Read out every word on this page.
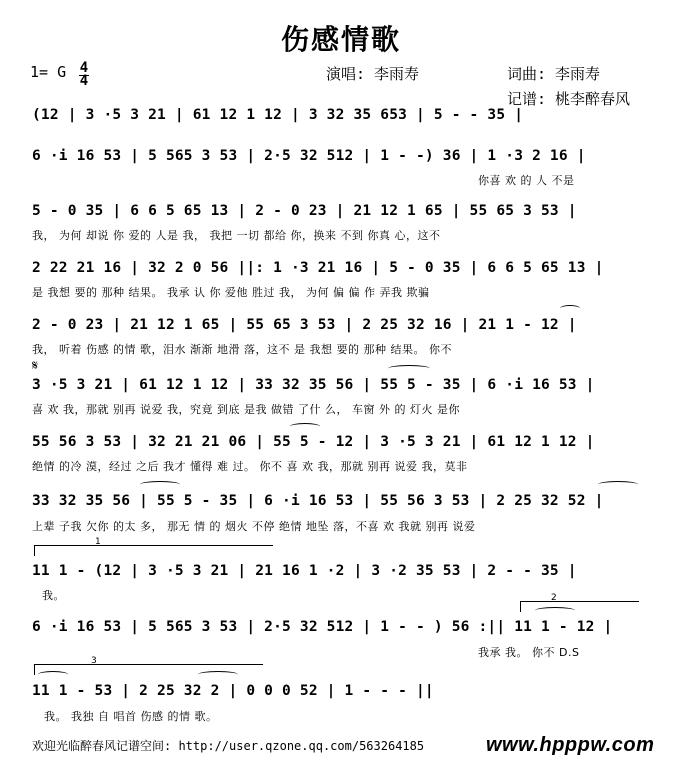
伤感情歌
1= G 4
4	演唱: 李雨寿	词曲: 李雨寿
记谱: 桃李醉春风
(12 | 3 ·5 3 21 | 61 12 1 12 | 3 32 35 653 | 5 - - 35 |
6 ·i 16 53 | 5 565 3 53 | 2·5 32 512 | 1 - -) 36 | 1 ·3 2 16 |
你喜 欢 的 人 不是
5 - 0 35 | 6 6 5 65 13 | 2 - 0 23 | 21 12 1 65 | 55 65 3 53 |
我， 为何 却说 你 爱的 人是 我， 我把 一切 都给 你，换来 不到 你真 心，这不
2 22 21 16 | 32 2 0 56 ||: 1 ·3 21 16 | 5 - 0 35 | 6 6 5 65 13 |
是 我想 要的 那种 结果。 我承 认 你 爱他 胜过 我， 为何 偏 偏 作 弄我 欺骗
2 - 0 23 | 21 12 1 65 | 55 65 3 53 | 2 25 32 16 | 21 1 - 12 |
我， 听着 伤感 的情 歌，泪水 渐渐 地滑 落，这不 是 我想 要的 那种 结果。 你不
𝄋
3 ·5 3 21 | 61 12 1 12 | 33 32 35 56 | 55 5 - 35 | 6 ·i 16 53 |
喜 欢 我，那就 别再 说爱 我，究竟 到底 是我 做错 了什 么， 车窗 外 的 灯火 是你
55 56 3 53 | 32 21 21 06 | 55 5 - 12 | 3 ·5 3 21 | 61 12 1 12 |
绝情 的冷 漠，经过 之后 我才 懂得 难 过。 你不 喜 欢 我，那就 别再 说爱 我，莫非
33 32 35 56 | 55 5 - 35 | 6 ·i 16 53 | 55 56 3 53 | 2 25 32 52 |
上辈 子我 欠你 的太 多， 那无 情 的 烟火 不停 绝情 地坠 落，不喜 欢 我就 别再 说爱
1
11 1 - (12 | 3 ·5 3 21 | 21 16 1 ·2 | 3 ·2 35 53 | 2 - - 35 |
我。	2
6 ·i 16 53 | 5 565 3 53 | 2·5 32 512 | 1 - - ) 56 :|| 11 1 - 12 |
我承 我。 你不 D.S
3
11 1 - 53 | 2 25 32 2 | 0 0 0 52 | 1 - - - ||
我。 我独 自 唱首 伤感 的情 歌。
欢迎光临醉春风记谱空间: http://user.qzone.qq.com/563264185	www.hpppw.com
